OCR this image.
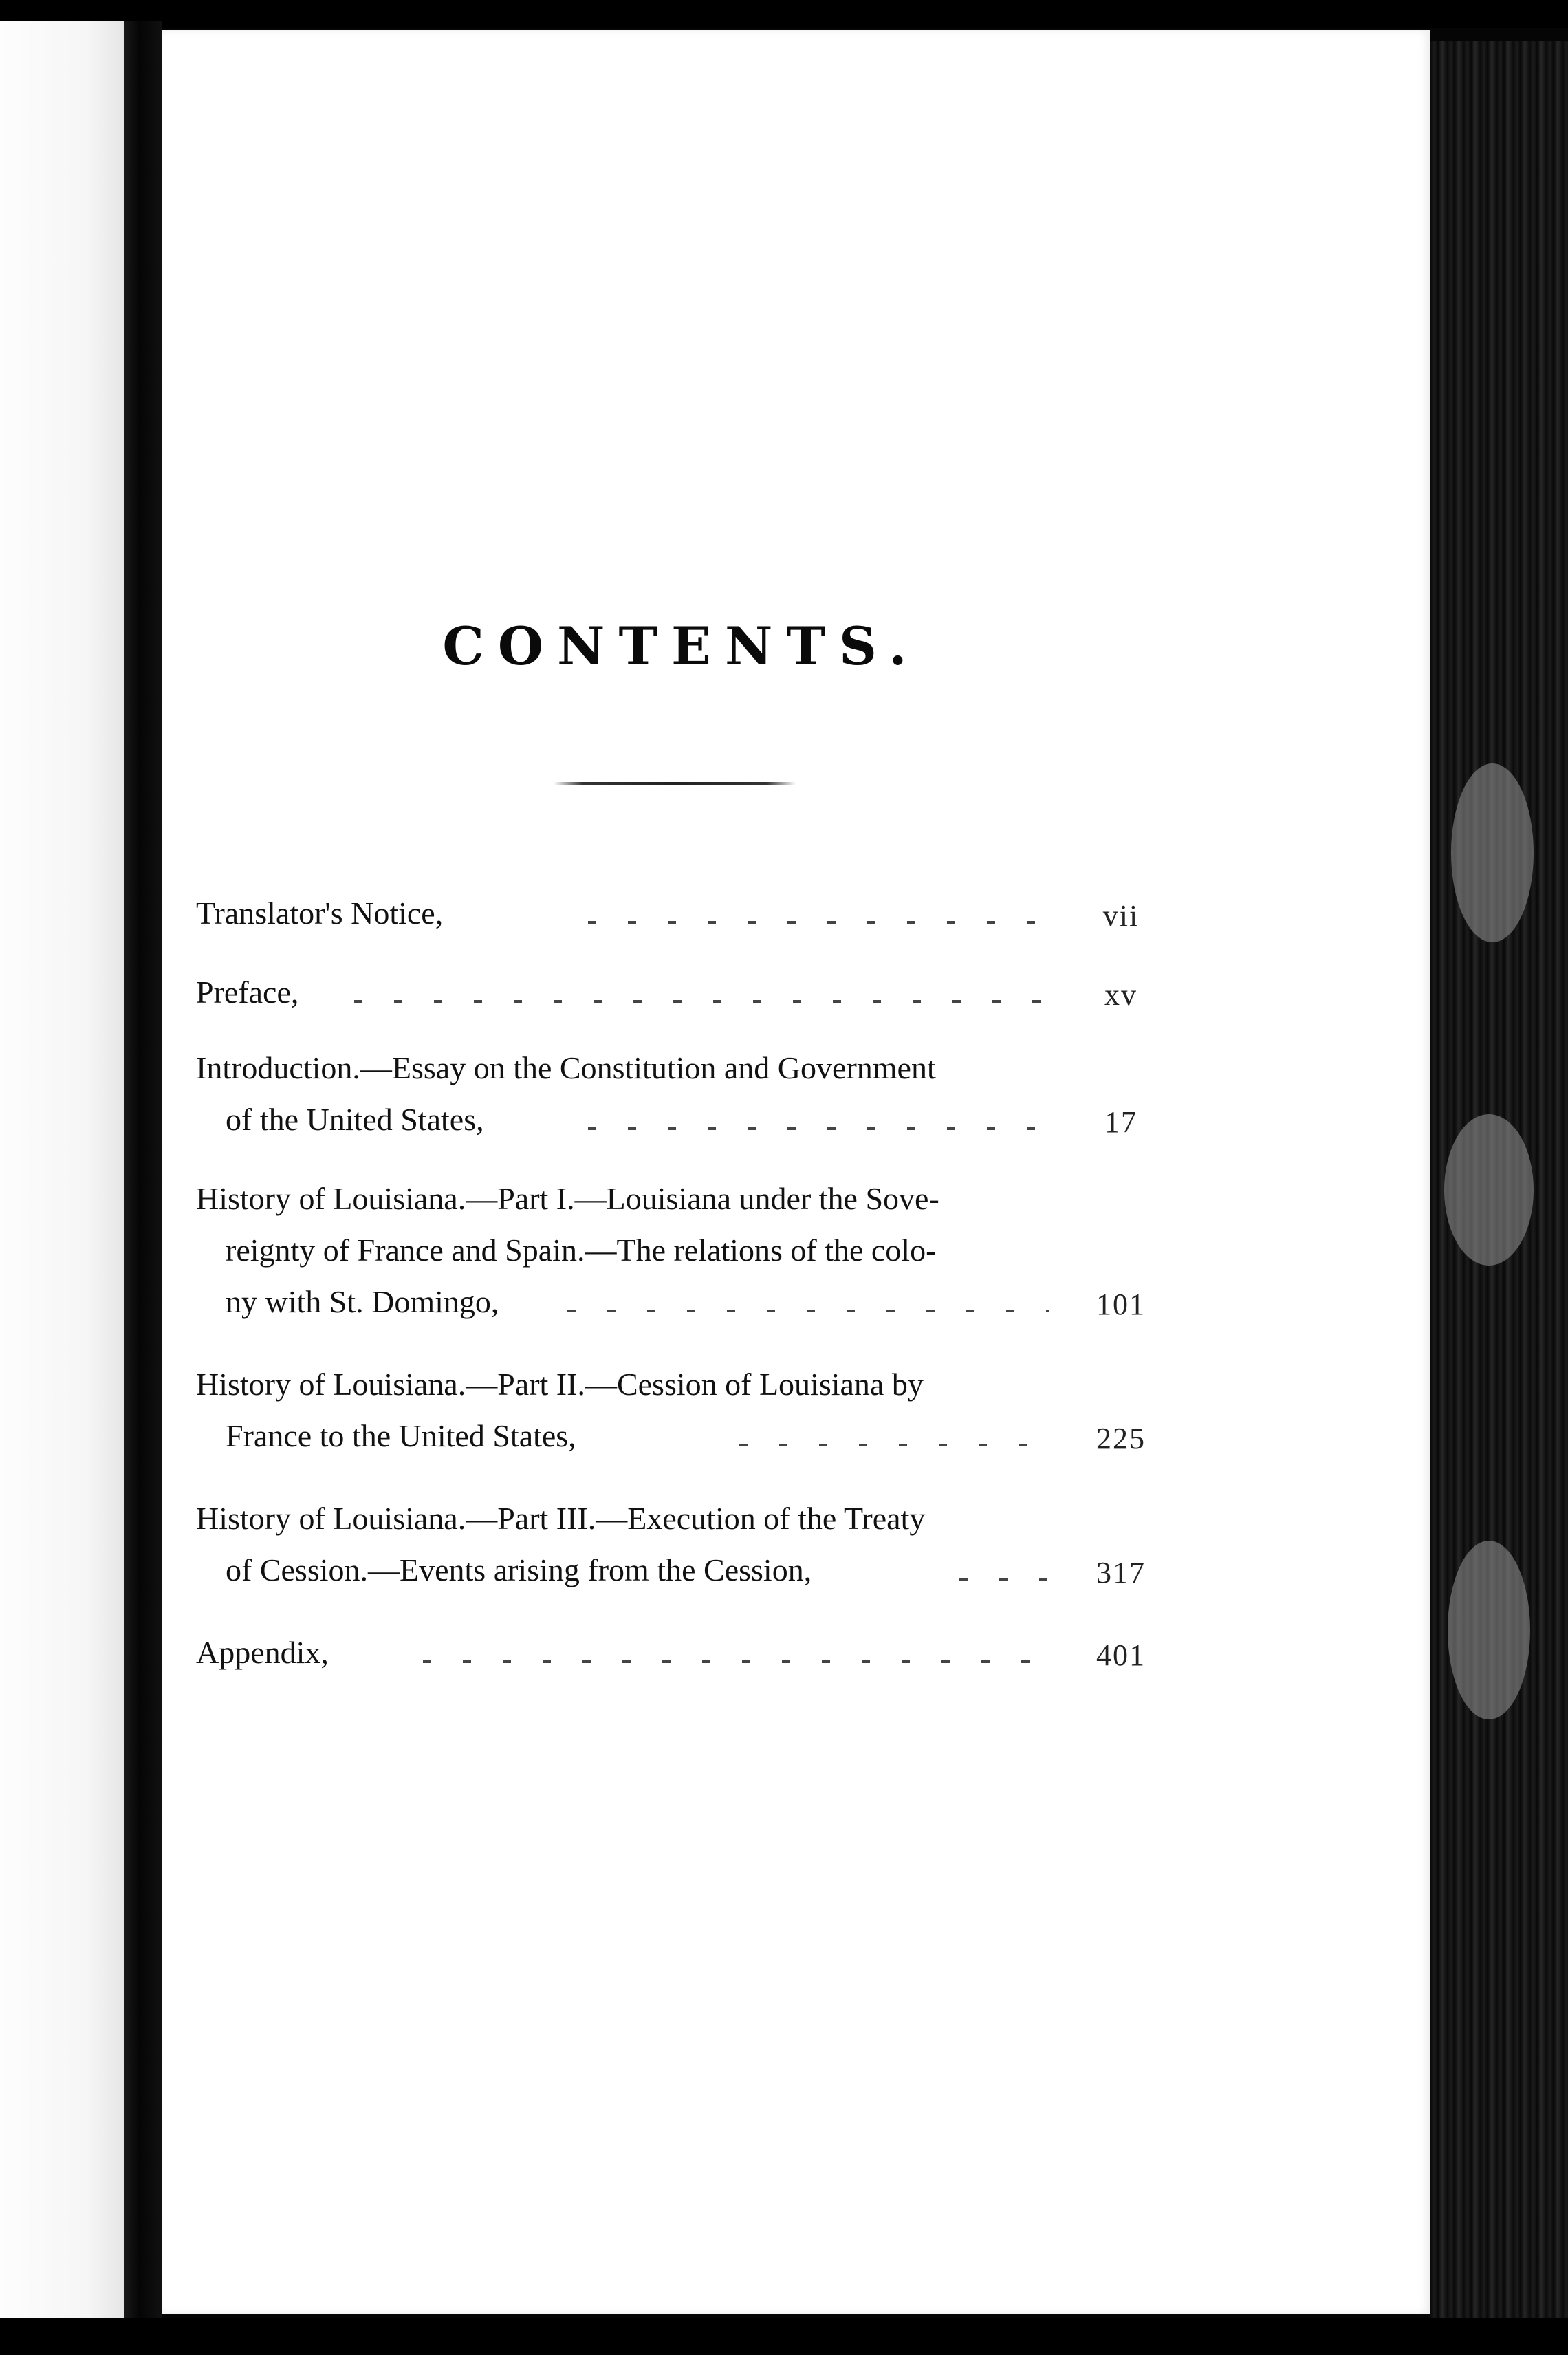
CONTENTS.
Translator's Notice,	vii
Preface,	xv
Introduction.—Essay on the Constitution and Government
of the United States,	17
History of Louisiana.—Part I.—Louisiana under the Sove-
reignty of France and Spain.—The relations of the colo-
ny with St. Domingo,	101
History of Louisiana.—Part II.—Cession of Louisiana by
France to the United States,	225
History of Louisiana.—Part III.—Execution of the Treaty
of Cession.—Events arising from the Cession,	317
Appendix,	401
